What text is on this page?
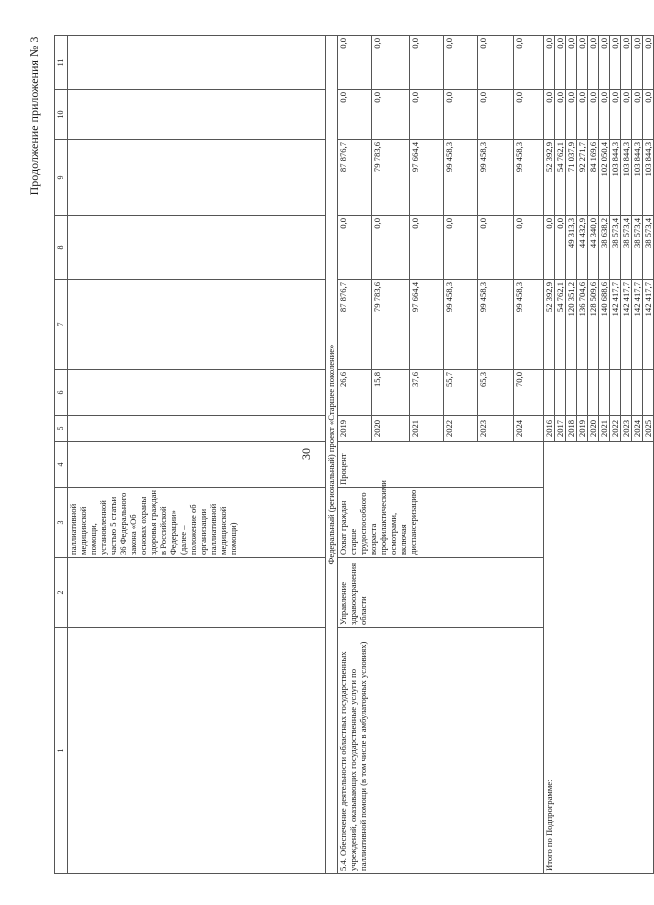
30
Продолжение приложения № 3
1	2	3	4	5	6	7	8	9	10	11
		паллиативной медицинской помощи, установленной частью 5 статьи 36 Федерального закона «Об основах охраны здоровья граждан в Российской Федерации» (далее – положение об организации паллиативной медицинской помощи)								
Федеральный (региональный) проект «Старшее поколение»										
5.4. Обеспечение деятельности областных государственных учреждений, оказывающих государственные услуги по паллиативной помощи (в том числе в амбулаторных условиях)	Управление здравоохранения области	Охват граждан старше трудоспособного возраста профилактическими осмотрами, включая диспансеризацию	Процент	2019	26,6	87 876,7	0,0	87 876,7	0,0	0,0
				2020	15,8	79 783,6	0,0	79 783,6	0,0	0,0
				2021	37,6	97 664,4	0,0	97 664,4	0,0	0,0
				2022	55,7	99 458,3	0,0	99 458,3	0,0	0,0
				2023	65,3	99 458,3	0,0	99 458,3	0,0	0,0
				2024	70,0	99 458,3	0,0	99 458,3	0,0	0,0
Итого по Подпрограмме:				2016		52 392,9	0,0	52 392,9	0,0	0,0
				2017		54 762,1	0,0	54 762,1	0,0	0,0
				2018		120 351,2	49 313,3	71 037,9	0,0	0,0
				2019		136 704,6	44 432,9	92 271,7	0,0	0,0
				2020		128 509,6	44 340,0	84 169,6	0,0	0,0
				2021		140 688,6	38 638,2	102 050,4	0,0	0,0
				2022		142 417,7	38 573,4	103 844,3	0,0	0,0
				2023		142 417,7	38 573,4	103 844,3	0,0	0,0
				2024		142 417,7	38 573,4	103 844,3	0,0	0,0
				2025		142 417,7	38 573,4	103 844,3	0,0	0,0
